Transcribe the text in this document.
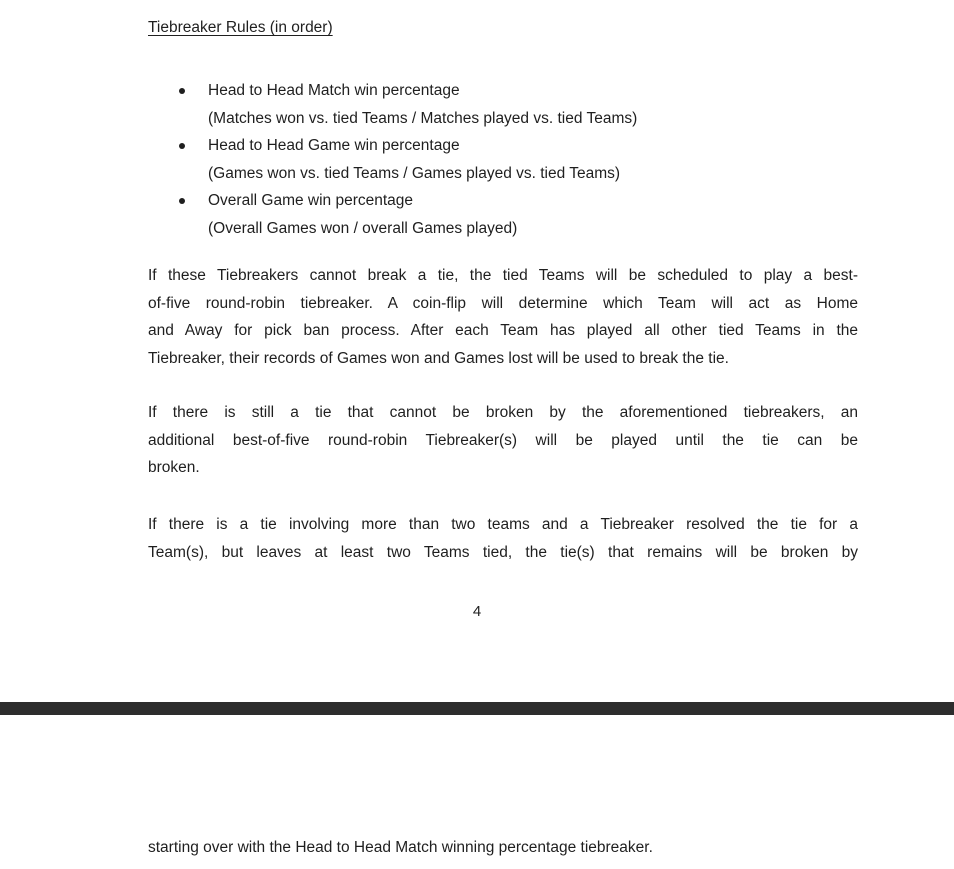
Tiebreaker Rules (in order)
Head to Head Match win percentage
(Matches won vs. tied Teams / Matches played vs. tied Teams)
Head to Head Game win percentage
(Games won vs. tied Teams / Games played vs. tied Teams)
Overall Game win percentage
(Overall Games won / overall Games played)
If these Tiebreakers cannot break a tie, the tied Teams will be scheduled to play a best-
of-five round-robin tiebreaker. A coin-flip will determine which Team will act as Home
and Away for pick ban process. After each Team has played all other tied Teams in the
Tiebreaker, their records of Games won and Games lost will be used to break the tie.
If there is still a tie that cannot be broken by the aforementioned tiebreakers, an
additional best-of-five round-robin Tiebreaker(s) will be played until the tie can be
broken.
If there is a tie involving more than two teams and a Tiebreaker resolved the tie for a
Team(s), but leaves at least two Teams tied, the tie(s) that remains will be broken by
4
starting over with the Head to Head Match winning percentage tiebreaker.
